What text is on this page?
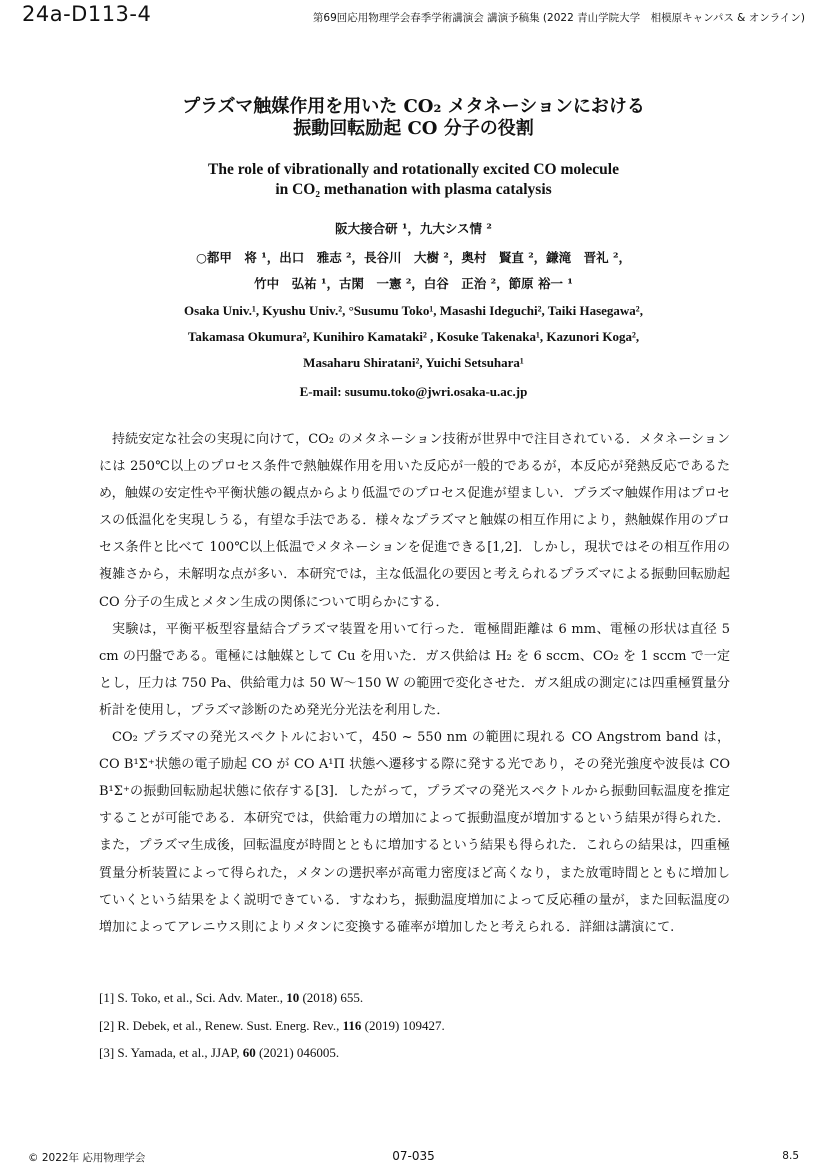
24a-D113-4	第69回応用物理学会春季学術講演会 講演予稿集 (2022 青山学院大学　相模原キャンパス & オンライン)
プラズマ触媒作用を用いた CO₂ メタネーションにおける
振動回転励起 CO 分子の役割
The role of vibrationally and rotationally excited CO molecule
in CO₂ methanation with plasma catalysis
阪大接合研 ¹，九大シス情 ²
○都甲　将 ¹，出口　雅志 ²，長谷川　大樹 ²，奥村　賢直 ²，鎌滝　晋礼 ²，
竹中　弘祐 ¹，古閑　一憲 ²，白谷　正治 ²，節原 裕一 ¹
Osaka Univ.¹, Kyushu Univ.², °Susumu Toko¹, Masashi Ideguchi², Taiki Hasegawa²,
Takamasa Okumura², Kunihiro Kamataki² , Kosuke Takenaka¹, Kazunori Koga²,
Masaharu Shiratani², Yuichi Setsuhara¹
E-mail: susumu.toko@jwri.osaka-u.ac.jp

持続安定な社会の実現に向けて，CO₂ のメタネーション技術が世界中で注目されている．メタネーションには 250℃以上のプロセス条件で熱触媒作用を用いた反応が一般的であるが，本反応が発熱反応であるため，触媒の安定性や平衡状態の観点からより低温でのプロセス促進が望ましい．プラズマ触媒作用はプロセスの低温化を実現しうる，有望な手法である．様々なプラズマと触媒の相互作用により，熱触媒作用のプロセス条件と比べて 100℃以上低温でメタネーションを促進できる[1,2]．しかし，現状ではその相互作用の複雑さから，未解明な点が多い．本研究では，主な低温化の要因と考えられるプラズマによる振動回転励起 CO 分子の生成とメタン生成の関係について明らかにする．

実験は，平衡平板型容量結合プラズマ装置を用いて行った．電極間距離は 6 mm、電極の形状は直径 5 cm の円盤である。電極には触媒として Cu を用いた．ガス供給は H₂ を 6 sccm、CO₂ を 1 sccm で一定とし，圧力は 750 Pa、供給電力は 50 W～150 W の範囲で変化させた．ガス組成の測定には四重極質量分析計を使用し，プラズマ診断のため発光分光法を利用した．

CO₂ プラズマの発光スペクトルにおいて，450 ~ 550 nm の範囲に現れる CO Angstrom band は，CO B¹Σ⁺状態の電子励起 CO が CO A¹Π 状態へ遷移する際に発する光であり，その発光強度や波長は CO B¹Σ⁺の振動回転励起状態に依存する[3]．したがって，プラズマの発光スペクトルから振動回転温度を推定することが可能である．本研究では，供給電力の増加によって振動温度が増加するという結果が得られた．また，プラズマ生成後，回転温度が時間とともに増加するという結果も得られた．これらの結果は，四重極質量分析装置によって得られた，メタンの選択率が高電力密度ほど高くなり，また放電時間とともに増加していくという結果をよく説明できている．すなわち，振動温度増加によって反応種の量が，また回転温度の増加によってアレニウス則によりメタンに変換する確率が増加したと考えられる．詳細は講演にて.

[1] S. Toko, et al., Sci. Adv. Mater., 10 (2018) 655.
[2] R. Debek, et al., Renew. Sust. Energ. Rev., 116 (2019) 109427.
[3] S. Yamada, et al., JJAP, 60 (2021) 046005.
© 2022年 応用物理学会	07-035	8.5
